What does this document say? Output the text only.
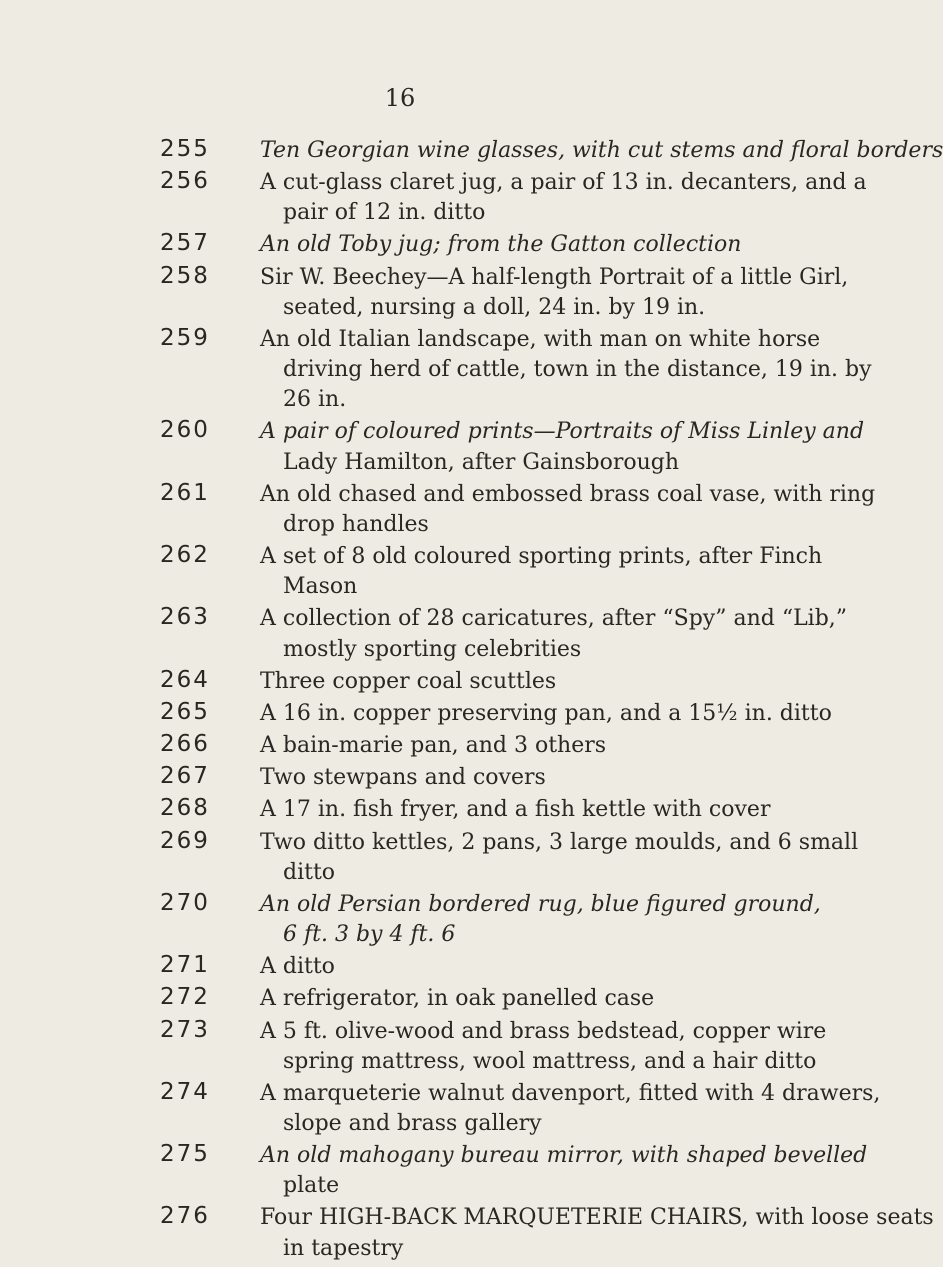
16
255 Ten Georgian wine glasses, with cut stems and floral borders
256 A cut-glass claret jug, a pair of 13 in. decanters, and a
pair of 12 in. ditto
257 An old Toby jug; from the Gatton collection
258 Sir W. Beechey—A half-length Portrait of a little Girl,
seated, nursing a doll, 24 in. by 19 in.
259 An old Italian landscape, with man on white horse
driving herd of cattle, town in the distance, 19 in. by
26 in.
260 A pair of coloured prints—Portraits of Miss Linley and
Lady Hamilton, after Gainsborough
261 An old chased and embossed brass coal vase, with ring
drop handles
262 A set of 8 old coloured sporting prints, after Finch
Mason
263 A collection of 28 caricatures, after “Spy” and “Lib,”
mostly sporting celebrities
264 Three copper coal scuttles
265 A 16 in. copper preserving pan, and a 15½ in. ditto
266 A bain-marie pan, and 3 others
267 Two stewpans and covers
268 A 17 in. fish fryer, and a fish kettle with cover
269 Two ditto kettles, 2 pans, 3 large moulds, and 6 small
ditto
270 An old Persian bordered rug, blue figured ground,
6 ft. 3 by 4 ft. 6
271 A ditto
272 A refrigerator, in oak panelled case
273 A 5 ft. olive-wood and brass bedstead, copper wire
spring mattress, wool mattress, and a hair ditto
274 A marqueterie walnut davenport, fitted with 4 drawers,
slope and brass gallery
275 An old mahogany bureau mirror, with shaped bevelled
plate
276 Four HIGH-BACK MARQUETERIE CHAIRS, with loose seats
in tapestry
